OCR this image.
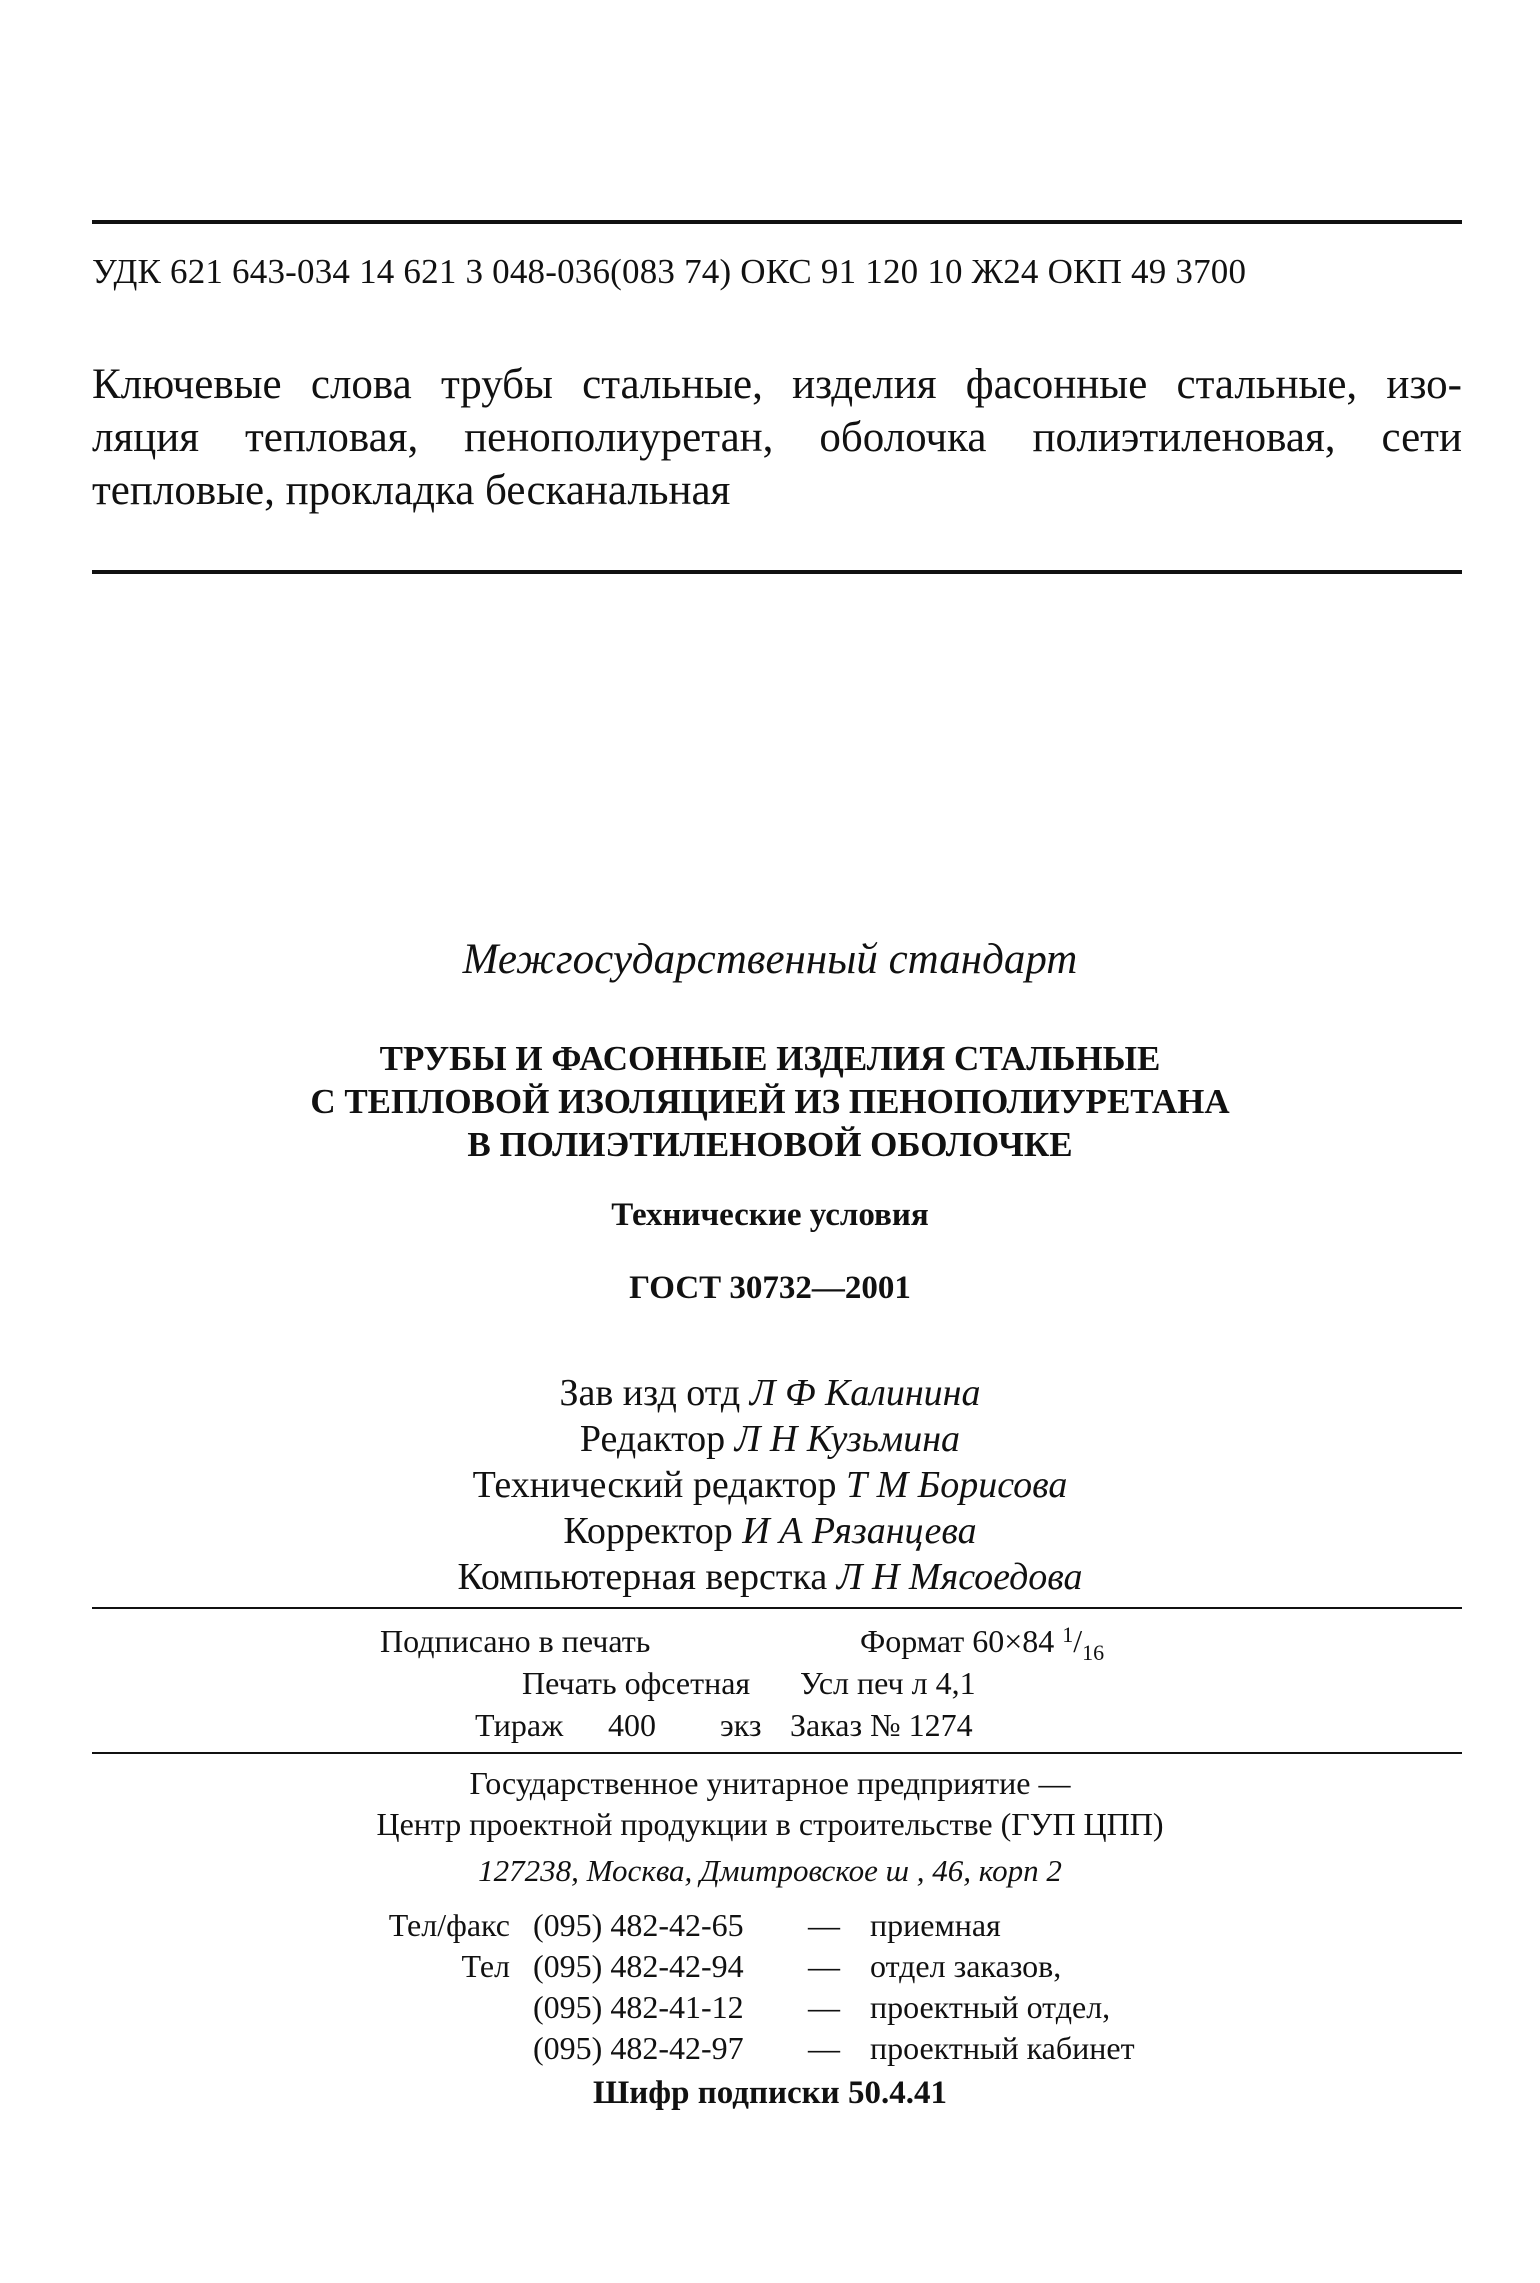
УДК 621 643-034 14 621 3 048-036(083 74) ОКС 91 120 10 Ж24 ОКП 49 3700
Ключевые слова трубы стальные, изделия фасонные стальные, изо-
ляция тепловая, пенополиуретан, оболочка полиэтиленовая, сети
тепловые, прокладка бесканальная
Межгосударственный стандарт
ТРУБЫ И ФАСОННЫЕ ИЗДЕЛИЯ СТАЛЬНЫЕ
С ТЕПЛОВОЙ ИЗОЛЯЦИЕЙ ИЗ ПЕНОПОЛИУРЕТАНА
В ПОЛИЭТИЛЕНОВОЙ ОБОЛОЧКЕ
Технические условия
ГОСТ 30732—2001
Зав изд отд Л Ф Калинина
Редактор Л Н Кузьмина
Технический редактор Т М Борисова
Корректор И А Рязанцева
Компьютерная верстка Л Н Мясоедова
Подписано в печать	Формат 60×84 $^1/_{16}$
Печать офсетная Усл печ л 4,1
Тираж 400 экз Заказ № 1274
Государственное унитарное предприятие —
Центр проектной продукции в строительстве (ГУП ЦПП)
127238, Москва, Дмитровское ш , 46, корп 2
Тел/факс (095) 482-42-65 — приемная
Тел (095) 482-42-94 — отдел заказов,
(095) 482-41-12 — проектный отдел,
(095) 482-42-97 — проектный кабинет
Шифр подписки 50.4.41
